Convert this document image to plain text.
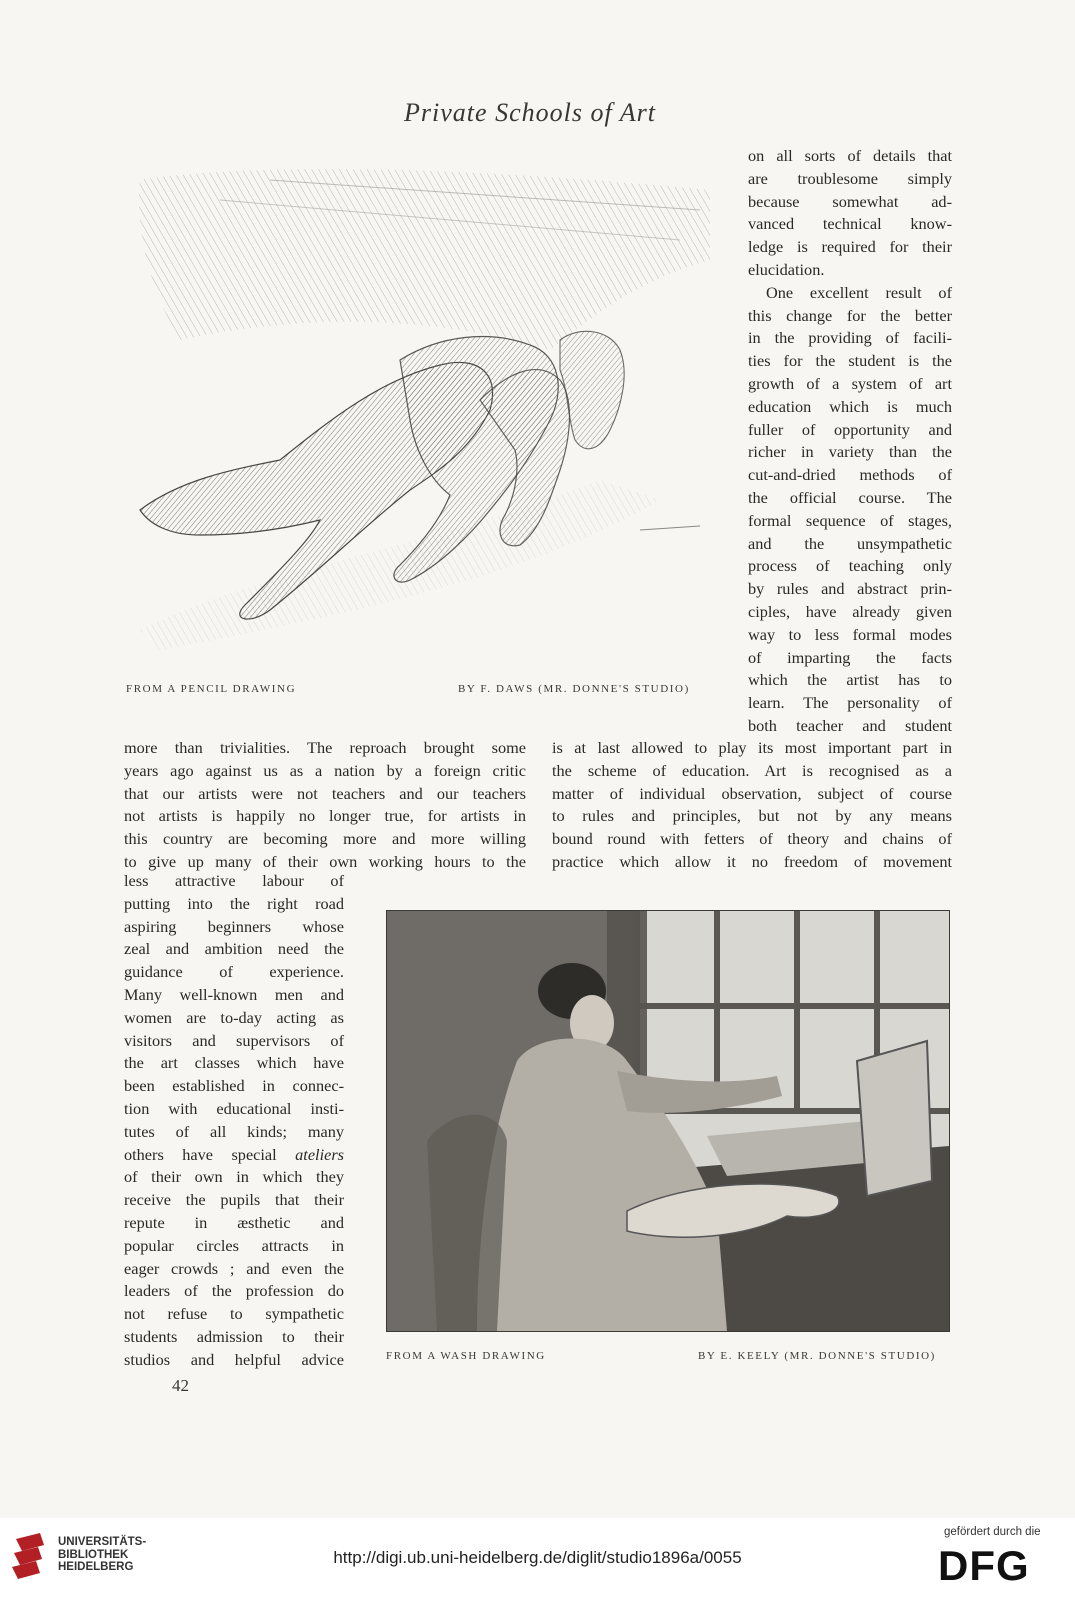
Private Schools of Art
FROM A PENCIL DRAWING	BY F. DAWS (MR. DONNE'S STUDIO)
on all sorts of details that
are troublesome simply
because somewhat ad-
vanced technical know-
ledge is required for their
elucidation.
One excellent result of
this change for the better
in the providing of facili-
ties for the student is the
growth of a system of art
education which is much
fuller of opportunity and
richer in variety than the
cut-and-dried methods of
the official course. The
formal sequence of stages,
and the unsympathetic
process of teaching only
by rules and abstract prin-
ciples, have already given
way to less formal modes
of imparting the facts
which the artist has to
learn. The personality of
both teacher and student
more than trivialities. The reproach brought some
years ago against us as a nation by a foreign critic
that our artists were not teachers and our teachers
not artists is happily no longer true, for artists in
this country are becoming more and more willing
to give up many of their own working hours to the
is at last allowed to play its most important part in
the scheme of education. Art is recognised as a
matter of individual observation, subject of course
to rules and principles, but not by any means
bound round with fetters of theory and chains of
practice which allow it no freedom of movement
less attractive labour of
putting into the right road
aspiring beginners whose
zeal and ambition need the
guidance of experience.
Many well-known men and
women are to-day acting as
visitors and supervisors of
the art classes which have
been established in connec-
tion with educational insti-
tutes of all kinds; many
others have special ateliers
of their own in which they
receive the pupils that their
repute in æsthetic and
popular circles attracts in
eager crowds ; and even the
leaders of the profession do
not refuse to sympathetic
students admission to their
studios and helpful advice	FROM A WASH DRAWING	BY E. KEELY (MR. DONNE'S STUDIO)
42
UNIVERSITÄTS-
BIBLIOTHEK
HEIDELBERG	http://digi.ub.uni-heidelberg.de/diglit/studio1896a/0055
gefördert durch die
DFG
